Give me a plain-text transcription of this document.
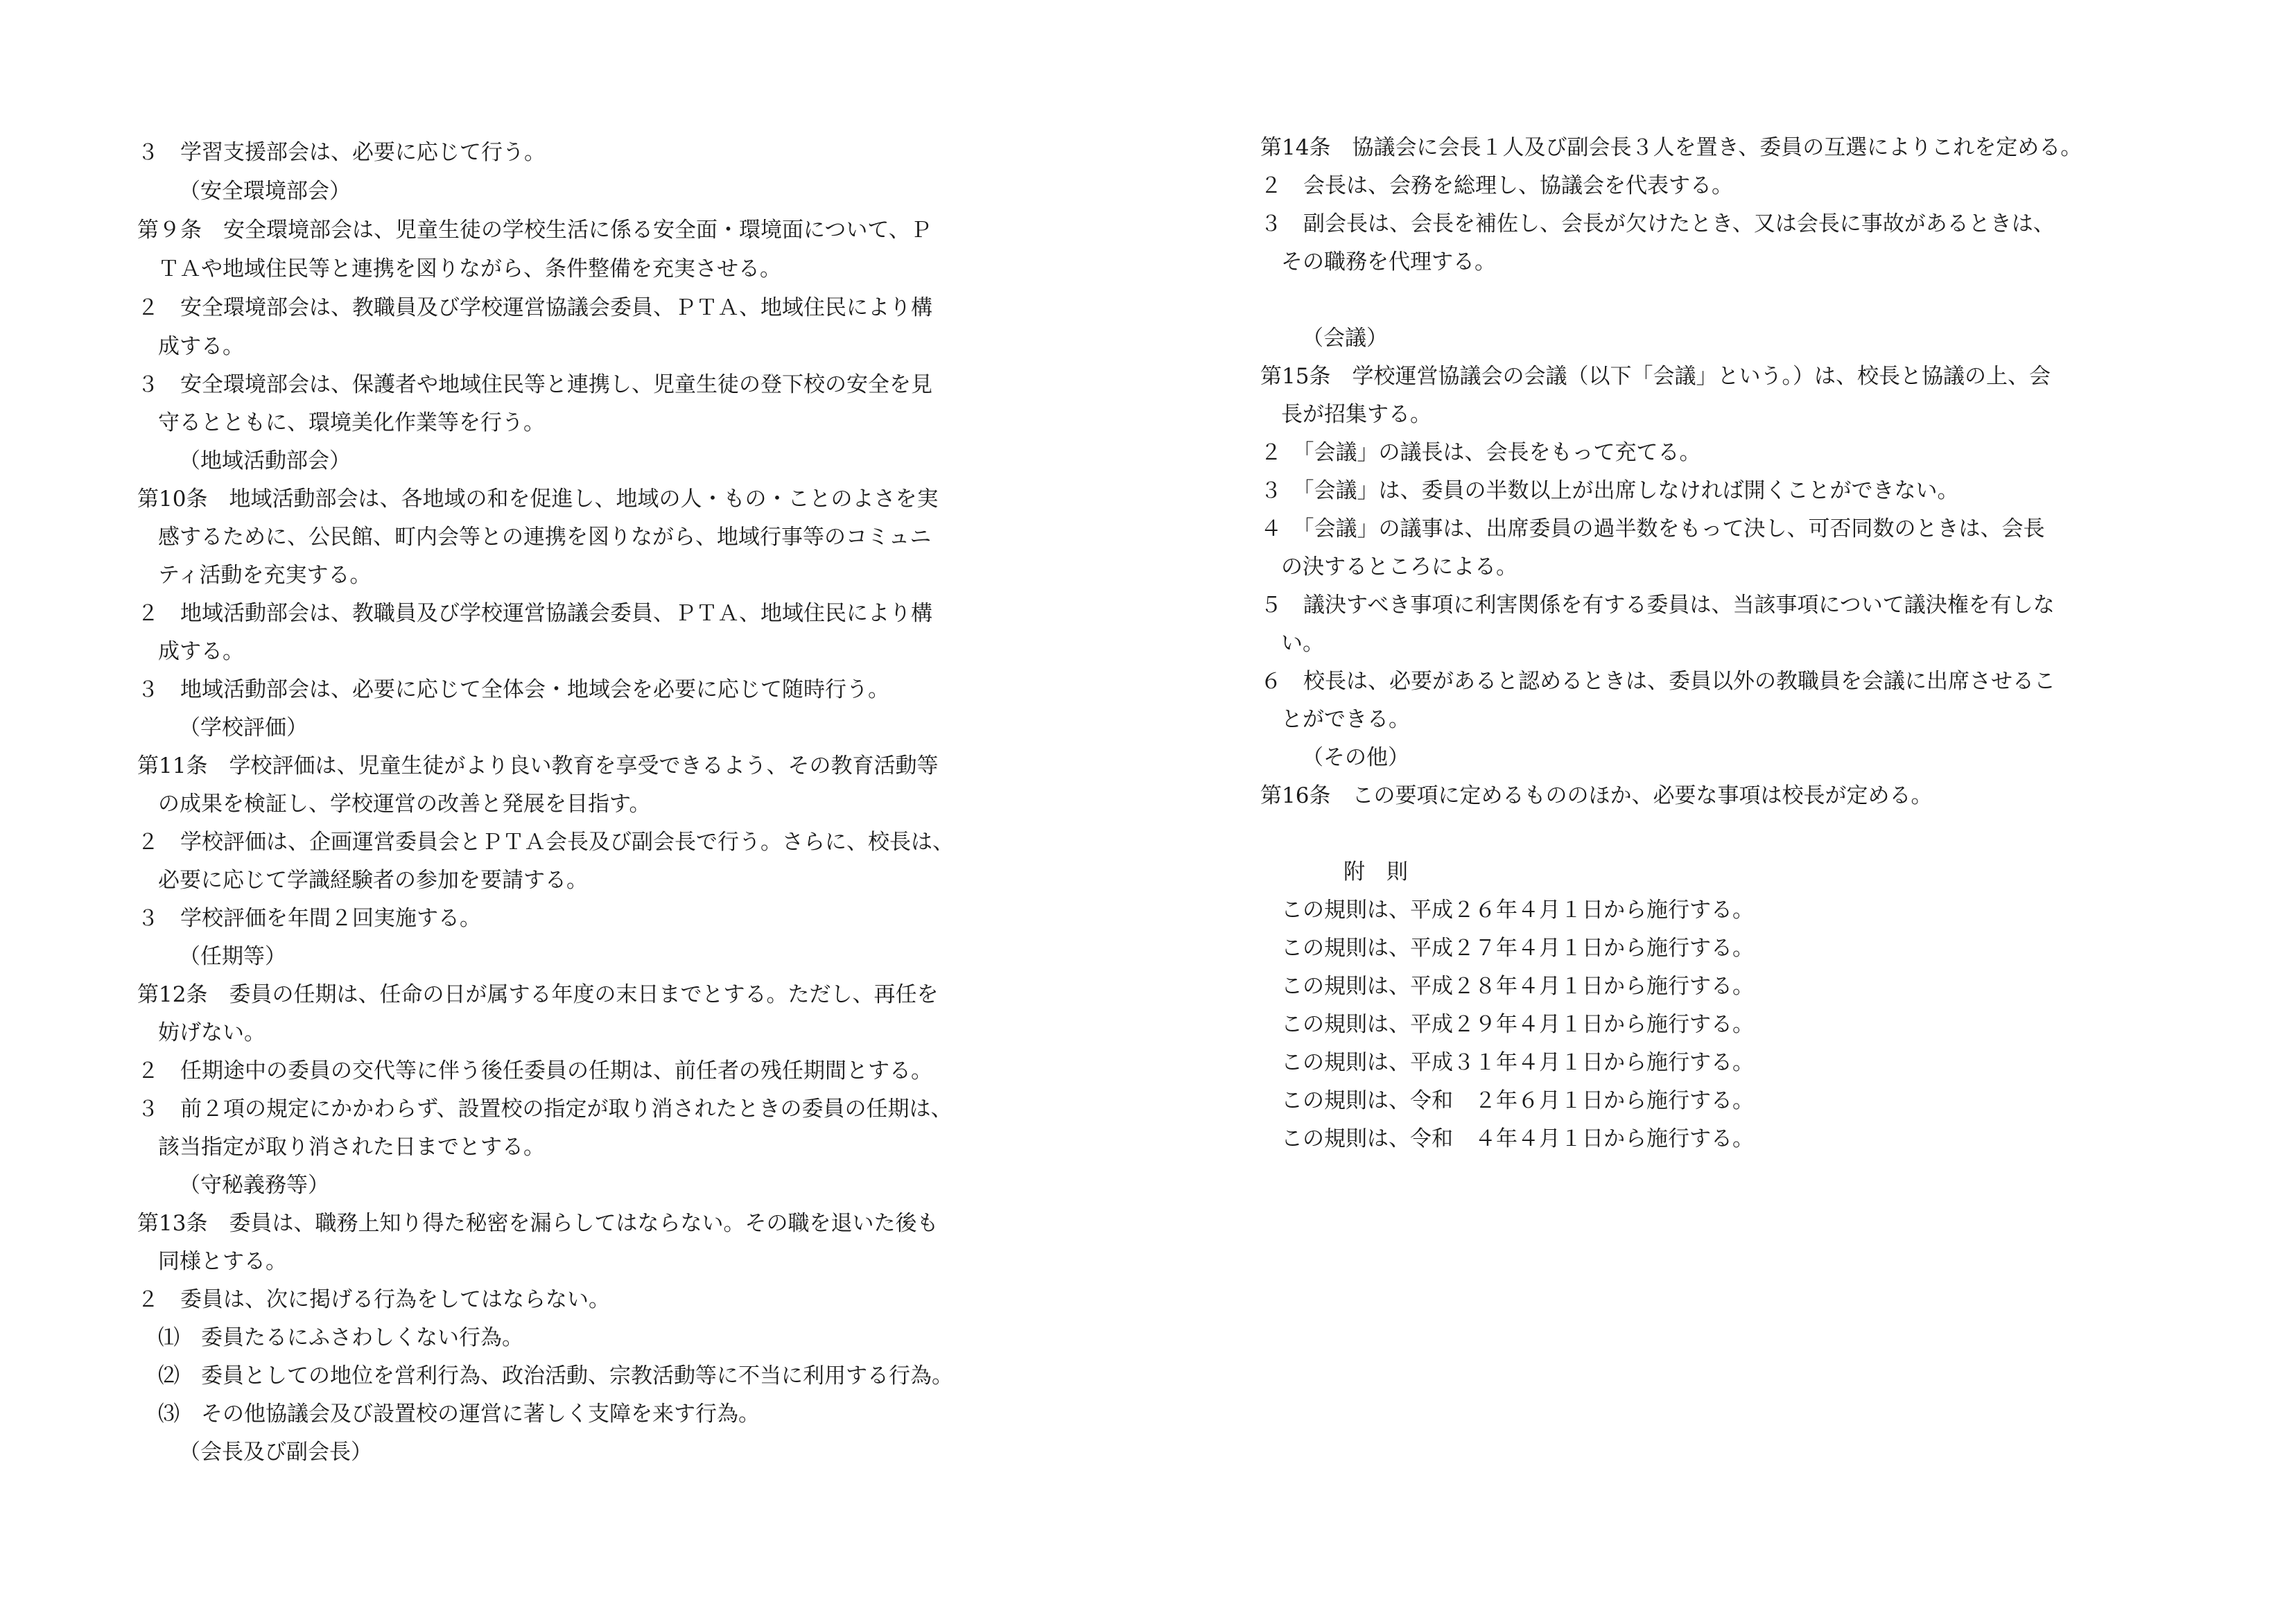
３　学習支援部会は、必要に応じて行う。
（安全環境部会）
第９条　安全環境部会は、児童生徒の学校生活に係る安全面・環境面について、Ｐ
ＴＡや地域住民等と連携を図りながら、条件整備を充実させる。
２　安全環境部会は、教職員及び学校運営協議会委員、ＰＴＡ、地域住民により構
成する。
３　安全環境部会は、保護者や地域住民等と連携し、児童生徒の登下校の安全を見
守るとともに、環境美化作業等を行う。
（地域活動部会）
第10条　地域活動部会は、各地域の和を促進し、地域の人・もの・ことのよさを実
感するために、公民館、町内会等との連携を図りながら、地域行事等のコミュニ
ティ活動を充実する。
２　地域活動部会は、教職員及び学校運営協議会委員、ＰＴＡ、地域住民により構
成する。
３　地域活動部会は、必要に応じて全体会・地域会を必要に応じて随時行う。
（学校評価）
第11条　学校評価は、児童生徒がより良い教育を享受できるよう、その教育活動等
の成果を検証し、学校運営の改善と発展を目指す。
２　学校評価は、企画運営委員会とＰＴＡ会長及び副会長で行う。さらに、校長は、
必要に応じて学識経験者の参加を要請する。
３　学校評価を年間２回実施する。
（任期等）
第12条　委員の任期は、任命の日が属する年度の末日までとする。ただし、再任を
妨げない。
２　任期途中の委員の交代等に伴う後任委員の任期は、前任者の残任期間とする。
３　前２項の規定にかかわらず、設置校の指定が取り消されたときの委員の任期は、
該当指定が取り消された日までとする。
（守秘義務等）
第13条　委員は、職務上知り得た秘密を漏らしてはならない。その職を退いた後も
同様とする。
２　委員は、次に掲げる行為をしてはならない。
⑴　委員たるにふさわしくない行為。
⑵　委員としての地位を営利行為、政治活動、宗教活動等に不当に利用する行為。
⑶　その他協議会及び設置校の運営に著しく支障を来す行為。
（会長及び副会長）
第14条　協議会に会長１人及び副会長３人を置き、委員の互選によりこれを定める。
２　会長は、会務を総理し、協議会を代表する。
３　副会長は、会長を補佐し、会長が欠けたとき、又は会長に事故があるときは、
その職務を代理する。
（会議）
第15条　学校運営協議会の会議（以下「会議」という。）は、校長と協議の上、会
長が招集する。
２　「会議」の議長は、会長をもって充てる。
３　「会議」は、委員の半数以上が出席しなければ開くことができない。
４　「会議」の議事は、出席委員の過半数をもって決し、可否同数のときは、会長
の決するところによる。
５　議決すべき事項に利害関係を有する委員は、当該事項について議決権を有しな
い。
６　校長は、必要があると認めるときは、委員以外の教職員を会議に出席させるこ
とができる。
（その他）
第16条　この要項に定めるもののほか、必要な事項は校長が定める。
附　則
この規則は、平成２６年４月１日から施行する。
この規則は、平成２７年４月１日から施行する。
この規則は、平成２８年４月１日から施行する。
この規則は、平成２９年４月１日から施行する。
この規則は、平成３１年４月１日から施行する。
この規則は、令和　２年６月１日から施行する。
この規則は、令和　４年４月１日から施行する。
